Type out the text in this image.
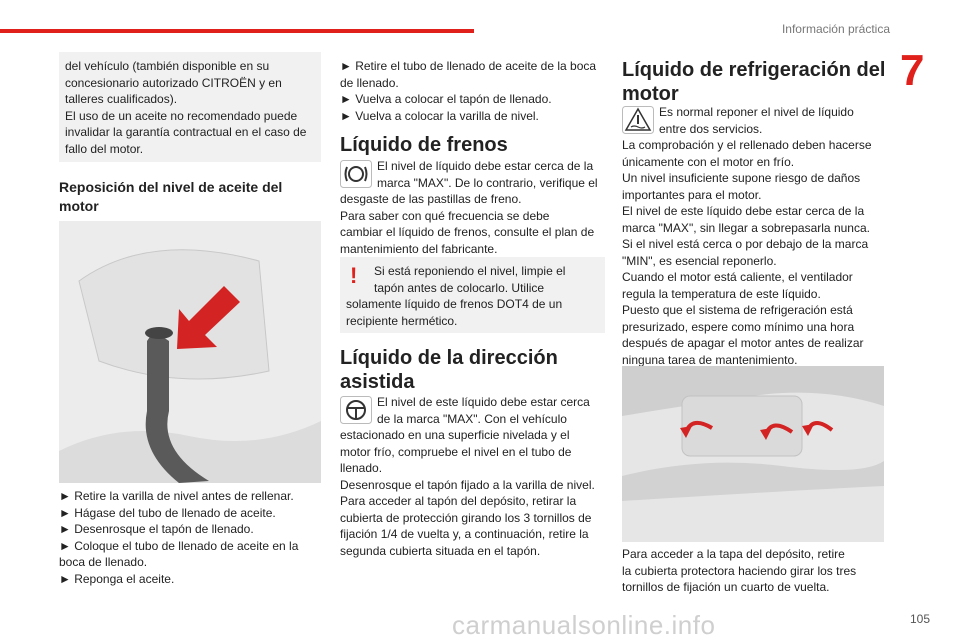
Información práctica
7

del vehículo (también disponible en su

concesionario autorizado CITROËN y en

talleres cualificados).

El uso de un aceite no recomendado puede

invalidar la garantía contractual en el caso de

fallo del motor.

Reposición del nivel de aceite del
motor

► Retire la varilla de nivel antes de rellenar.

► Hágase del tubo de llenado de aceite.

► Desenrosque el tapón de llenado.

► Coloque el tubo de llenado de aceite en la

boca de llenado.

► Reponga el aceite.

► Retire el tubo de llenado de aceite de la boca

de llenado.

► Vuelva a colocar el tapón de llenado.

► Vuelva a colocar la varilla de nivel.

Líquido de frenos

El nivel de líquido debe estar cerca de la

marca "MAX". De lo contrario, verifique el

desgaste de las pastillas de freno.

Para saber con qué frecuencia se debe

cambiar el líquido de frenos, consulte el plan de

mantenimiento del fabricante.

!	Si está reponiendo el nivel, limpie el

tapón antes de colocarlo. Utilice

solamente líquido de frenos DOT4 de un

recipiente hermético.

Líquido de la dirección
asistida

El nivel de este líquido debe estar cerca

de la marca "MAX". Con el vehículo

estacionado en una superficie nivelada y el

motor frío, compruebe el nivel en el tubo de

llenado.

Desenrosque el tapón fijado a la varilla de nivel.

Para acceder al tapón del depósito, retirar la

cubierta de protección girando los 3 tornillos de

fijación 1/4 de vuelta y, a continuación, retire la

segunda cubierta situada en el tapón.

Líquido de refrigeración del
motor

Es normal reponer el nivel de líquido

entre dos servicios.

La comprobación y el rellenado deben hacerse

únicamente con el motor en frío.

Un nivel insuficiente supone riesgo de daños

importantes para el motor.

El nivel de este líquido debe estar cerca de la

marca "MAX", sin llegar a sobrepasarla nunca.

Si el nivel está cerca o por debajo de la marca

"MIN", es esencial reponerlo.

Cuando el motor está caliente, el ventilador

regula la temperatura de este líquido.

Puesto que el sistema de refrigeración está

presurizado, espere como mínimo una hora

después de apagar el motor antes de realizar

ninguna tarea de mantenimiento.

Para acceder a la tapa del depósito, retire

la cubierta protectora haciendo girar los tres

tornillos de fijación un cuarto de vuelta.

carmanualsonline.info	105
